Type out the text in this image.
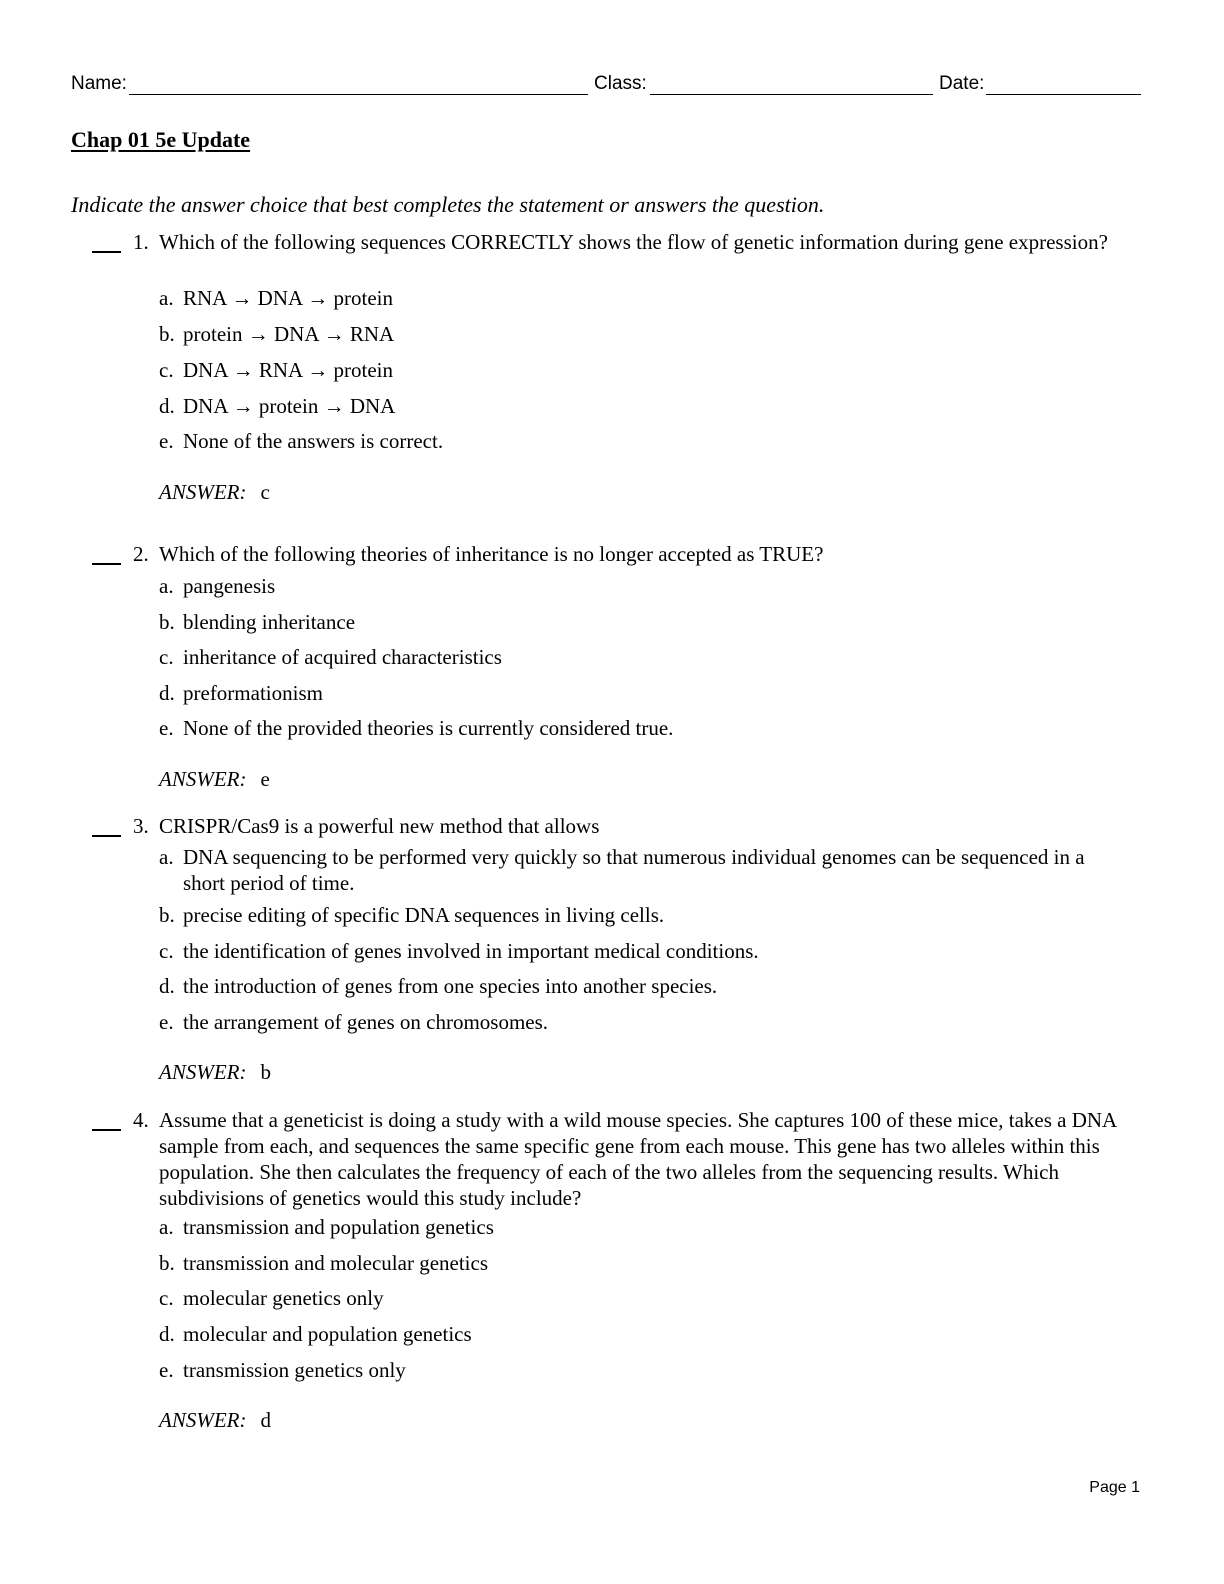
Name:	Class:	Date:
Chap 01 5e Update
Indicate the answer choice that best completes the statement or answers the question.
1. Which of the following sequences CORRECTLY shows the flow of genetic information during gene expression?
a. RNA → DNA → protein
b. protein → DNA → RNA
c. DNA → RNA → protein
d. DNA → protein → DNA
e. None of the answers is correct.
ANSWER: c
2. Which of the following theories of inheritance is no longer accepted as TRUE?
a. pangenesis
b. blending inheritance
c. inheritance of acquired characteristics
d. preformationism
e. None of the provided theories is currently considered true.
ANSWER: e
3. CRISPR/Cas9 is a powerful new method that allows
a. DNA sequencing to be performed very quickly so that numerous individual genomes can be sequenced in a short period of time.
b. precise editing of specific DNA sequences in living cells.
c. the identification of genes involved in important medical conditions.
d. the introduction of genes from one species into another species.
e. the arrangement of genes on chromosomes.
ANSWER: b
4. Assume that a geneticist is doing a study with a wild mouse species. She captures 100 of these mice, takes a DNA sample from each, and sequences the same specific gene from each mouse. This gene has two alleles within this population. She then calculates the frequency of each of the two alleles from the sequencing results. Which subdivisions of genetics would this study include?
a. transmission and population genetics
b. transmission and molecular genetics
c. molecular genetics only
d. molecular and population genetics
e. transmission genetics only
ANSWER: d
Page 1
